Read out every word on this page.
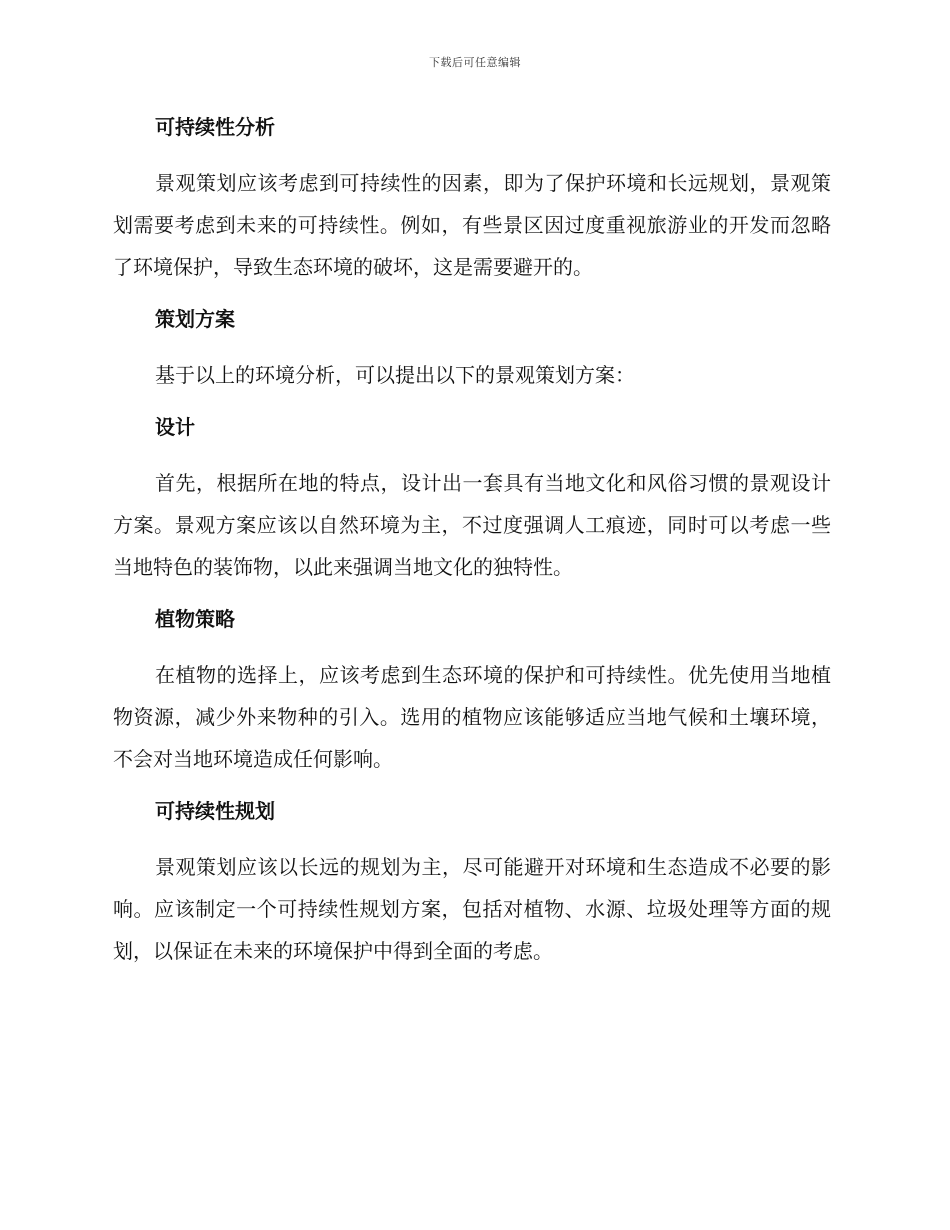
下载后可任意编辑
可持续性分析

景观策划应该考虑到可持续性的因素，即为了保护环境和长远规划，景观策划需要考虑到未来的可持续性。例如，有些景区因过度重视旅游业的开发而忽略了环境保护，导致生态环境的破坏，这是需要避开的。

策划方案

基于以上的环境分析，可以提出以下的景观策划方案：

设计

首先，根据所在地的特点，设计出一套具有当地文化和风俗习惯的景观设计方案。景观方案应该以自然环境为主，不过度强调人工痕迹，同时可以考虑一些当地特色的装饰物，以此来强调当地文化的独特性。

植物策略

在植物的选择上，应该考虑到生态环境的保护和可持续性。优先使用当地植物资源，减少外来物种的引入。选用的植物应该能够适应当地气候和土壤环境，不会对当地环境造成任何影响。

可持续性规划

景观策划应该以长远的规划为主，尽可能避开对环境和生态造成不必要的影响。应该制定一个可持续性规划方案，包括对植物、水源、垃圾处理等方面的规划，以保证在未来的环境保护中得到全面的考虑。
